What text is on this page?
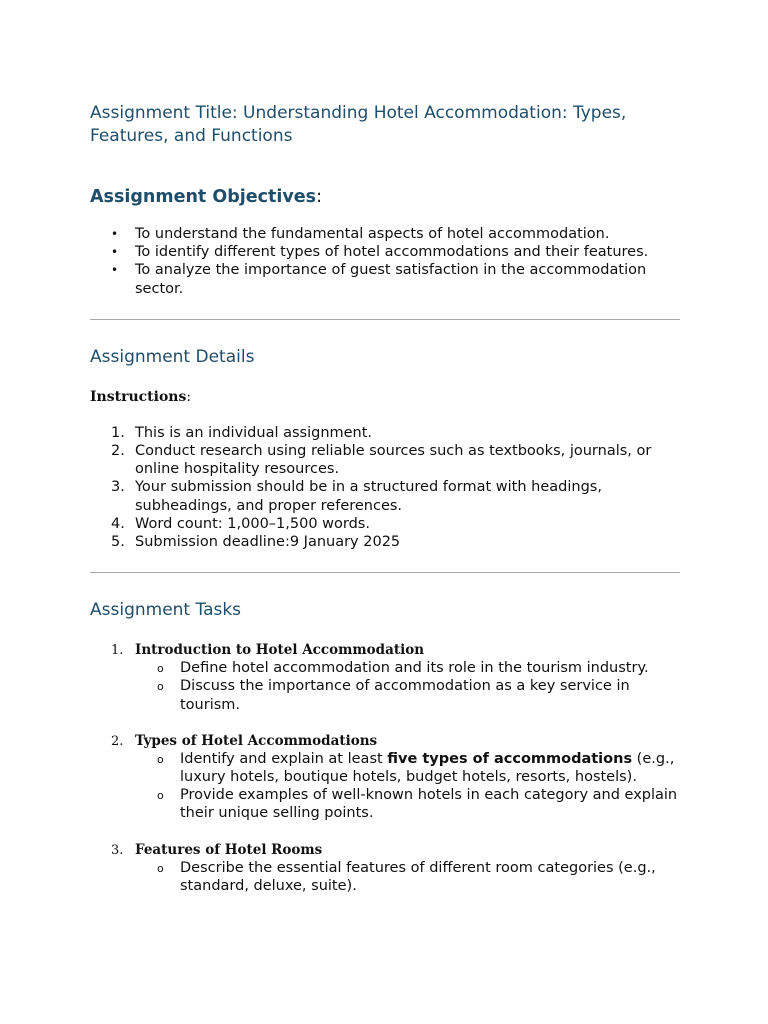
Assignment Title: Understanding Hotel Accommodation: Types, Features, and Functions
Assignment Objectives:
• To understand the fundamental aspects of hotel accommodation.
• To identify different types of hotel accommodations and their features.
• To analyze the importance of guest satisfaction in the accommodation sector.
Assignment Details

Instructions:

1. This is an individual assignment.
2. Conduct research using reliable sources such as textbooks, journals, or online hospitality resources.
3. Your submission should be in a structured format with headings, subheadings, and proper references.
4. Word count: 1,000–1,500 words.
5. Submission deadline:9 January 2025
Assignment Tasks
1. Introduction to Hotel Accommodation

o Define hotel accommodation and its role in the tourism industry.
o Discuss the importance of accommodation as a key service in tourism.
2. Types of Hotel Accommodations

o Identify and explain at least five types of accommodations (e.g., luxury hotels, boutique hotels, budget hotels, resorts, hostels).
o Provide examples of well-known hotels in each category and explain their unique selling points.
3. Features of Hotel Rooms

o Describe the essential features of different room categories (e.g., standard, deluxe, suite).
